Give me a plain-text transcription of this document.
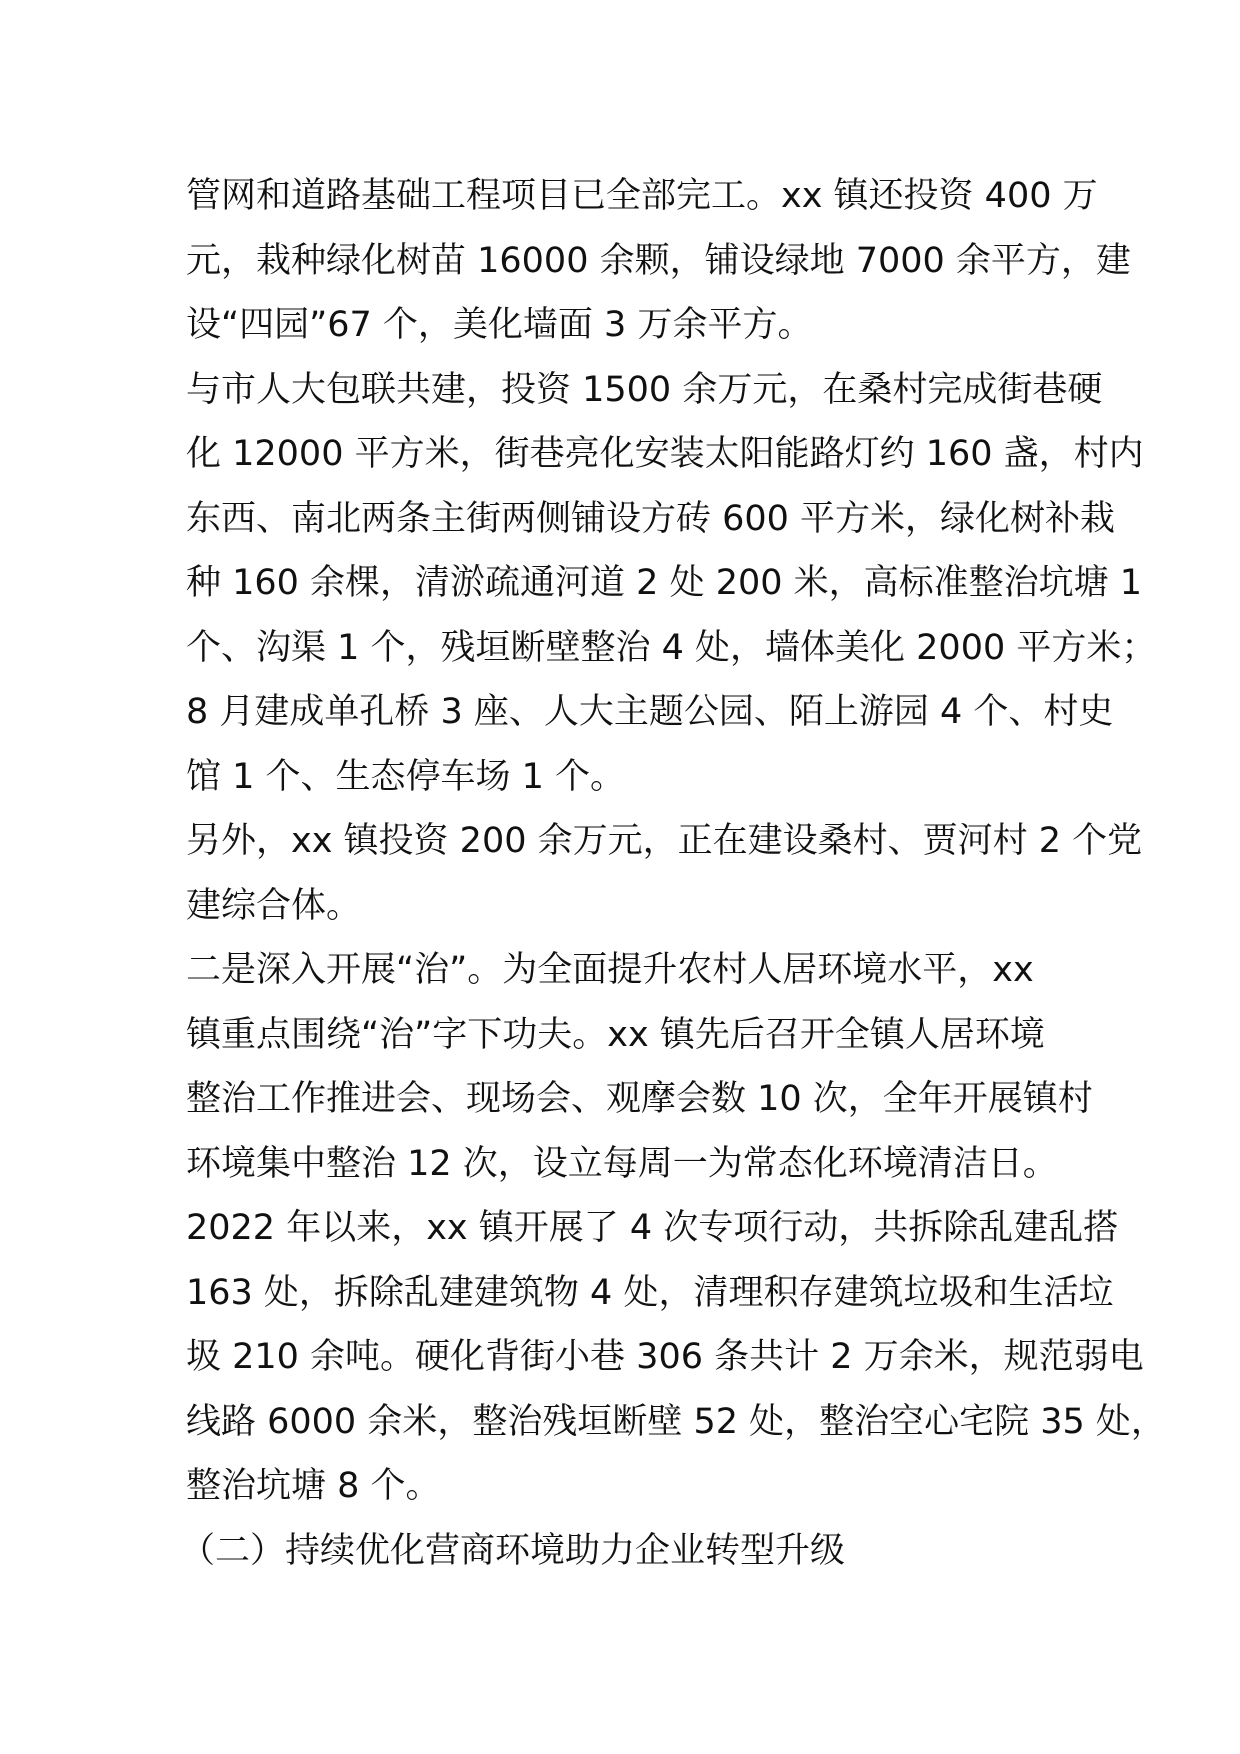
管网和道路基础工程项目已全部完工。xx 镇还投资 400 万
元，栽种绿化树苗 16000 余颗，铺设绿地 7000 余平方，建
设“四园”67 个，美化墙面 3 万余平方。
与市人大包联共建，投资 1500 余万元，在桑村完成街巷硬
化 12000 平方米，街巷亮化安装太阳能路灯约 160 盏，村内
东西、南北两条主街两侧铺设方砖 600 平方米，绿化树补栽
种 160 余棵，清淤疏通河道 2 处 200 米，高标准整治坑塘 1
个、沟渠 1 个，残垣断壁整治 4 处，墙体美化 2000 平方米；
8 月建成单孔桥 3 座、人大主题公园、陌上游园 4 个、村史
馆 1 个、生态停车场 1 个。
另外，xx 镇投资 200 余万元，正在建设桑村、贾河村 2 个党
建综合体。
二是深入开展“治”。为全面提升农村人居环境水平，xx
镇重点围绕“治”字下功夫。xx 镇先后召开全镇人居环境
整治工作推进会、现场会、观摩会数 10 次，全年开展镇村
环境集中整治 12 次，设立每周一为常态化环境清洁日。
2022 年以来，xx 镇开展了 4 次专项行动，共拆除乱建乱搭
163 处，拆除乱建建筑物 4 处，清理积存建筑垃圾和生活垃
圾 210 余吨。硬化背街小巷 306 条共计 2 万余米，规范弱电
线路 6000 余米，整治残垣断壁 52 处，整治空心宅院 35 处，
整治坑塘 8 个。
（二）持续优化营商环境助力企业转型升级
